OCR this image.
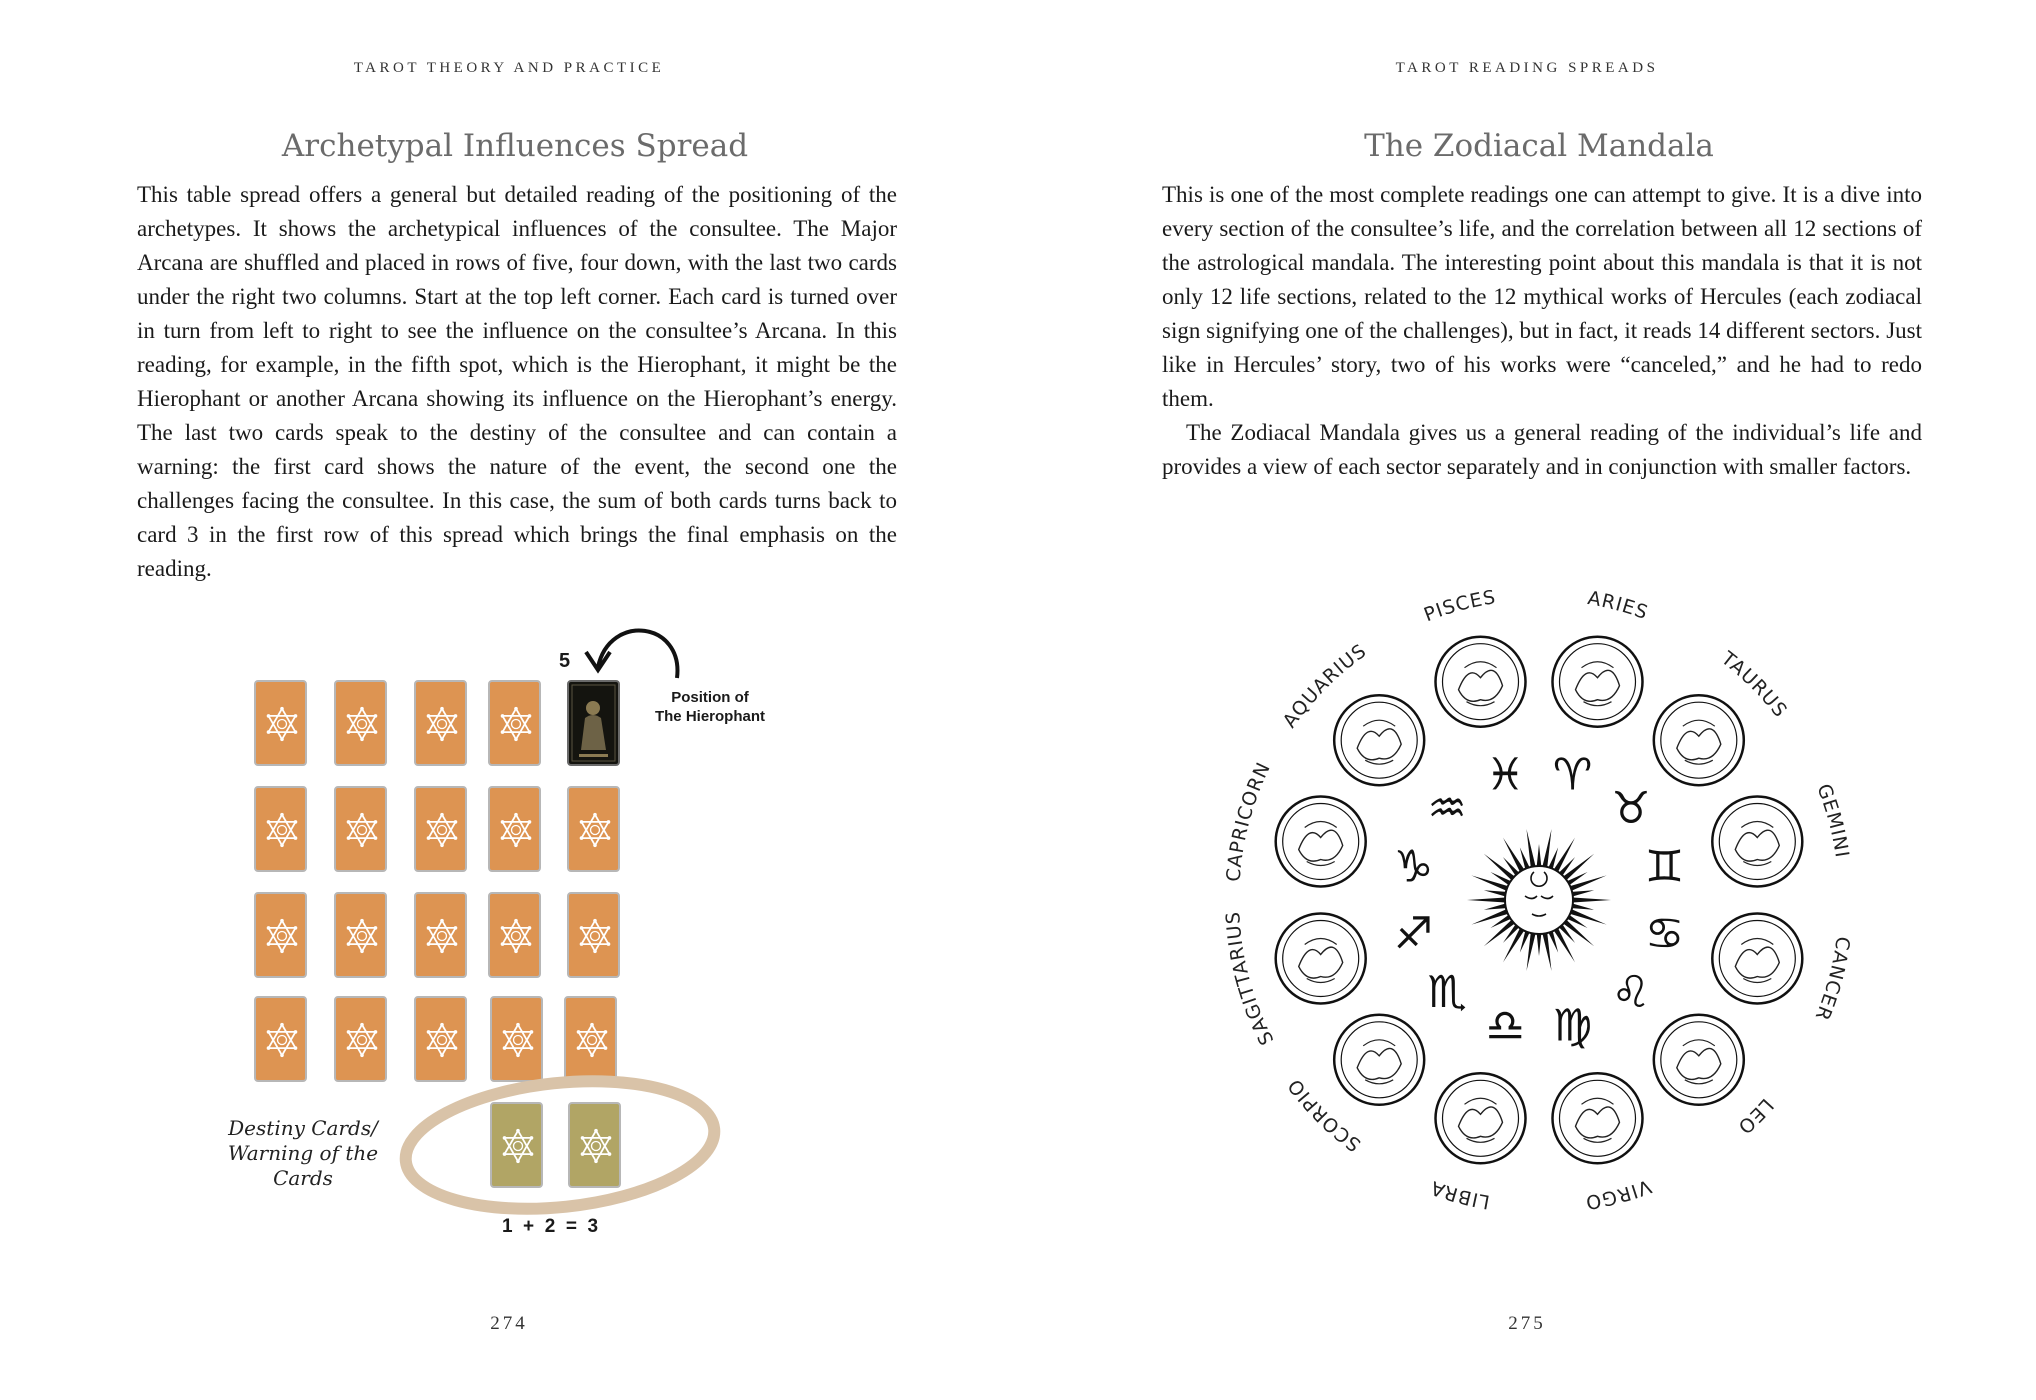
TAROT THEORY AND PRACTICE
Archetypal Influences Spread

This table spread offers a general but detailed reading of the positioning of the archetypes. It shows the archetypical influences of the consultee. The Major Arcana are shuffled and placed in rows of five, four down, with the last two cards under the right two columns. Start at the top left corner. Each card is turned over in turn from left to right to see the influence on the consultee’s Arcana. In this reading, for example, in the fifth spot, which is the Hierophant, it might be the Hierophant or another Arcana showing its influence on the Hierophant’s energy. The last two cards speak to the destiny of the consultee and can contain a warning: the first card shows the nature of the event, the second one the challenges facing the consultee. In this case, the sum of both cards turns back to card 3 in the first row of this spread which brings the final emphasis on the reading.

5
Position of
The Hierophant
Destiny Cards/
Warning of the
Cards
1  +  2  =  3
274
TAROT READING SPREADS
The Zodiacal Mandala

This is one of the most complete readings one can attempt to give. It is a dive into every section of the consultee’s life, and the correlation between all 12 sections of the astrological mandala. The interesting point about this mandala is that it is not only 12 life sections, related to the 12 mythical works of Hercules (each zodiacal sign signifying one of the challenges), but in fact, it reads 14 different sectors. Just like in Hercules’ story, two of his works were “canceled,” and he had to redo them.

The Zodiacal Mandala gives us a general reading of the individual’s life and provides a view of each sector separately and in conjunction with smaller factors.

♓
PISCES
♈
ARIES
♉
TAURUS
♊
GEMINI
♋	CANCER
♌
LEO
♍
VIRGO
♎
LIBRA
♏
SCORPIO
♐
SAGITTARIUS
♑
CAPRICORN
♒
AQUARIUS
275
